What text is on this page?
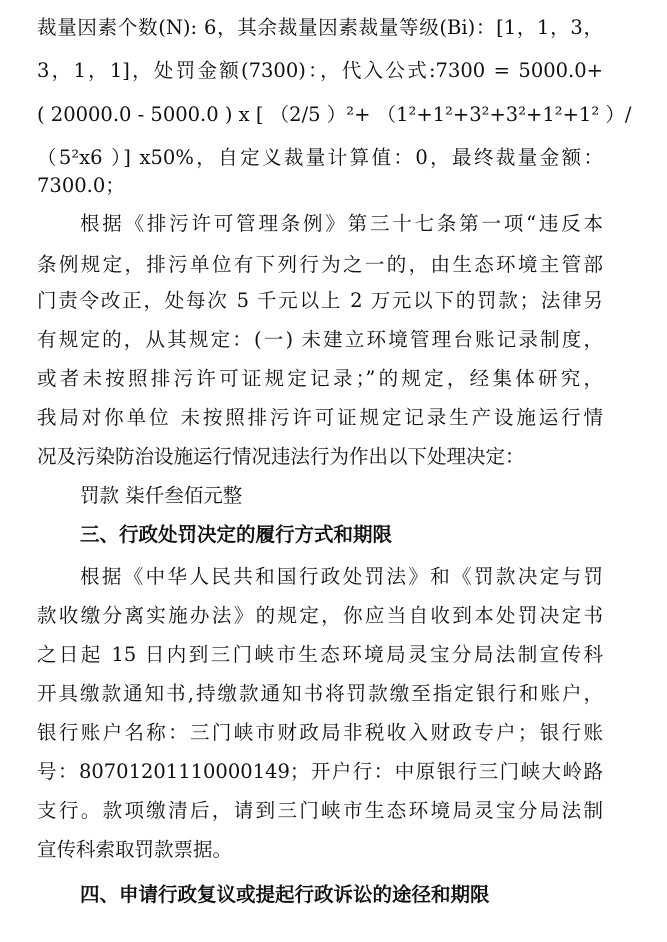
裁量因素个数(N): 6，其余裁量因素裁量等级(Bi)：[1，1，3，

3，1，1]，处罚金额(7300)：，代入公式:7300 = 5000.0+

( 20000.0 - 5000.0 ) x [ （2/5 ）²+ （1²+1²+3²+3²+1²+1² ）/

（5²x6 ）] x50%，自定义裁量计算值：0，最终裁量金额：

7300.0；

根据《排污许可管理条例》第三十七条第一项“违反本

条例规定，排污单位有下列行为之一的，由生态环境主管部

门责令改正，处每次 5 千元以上 2 万元以下的罚款；法律另

有规定的，从其规定：(一) 未建立环境管理台账记录制度，

或者未按照排污许可证规定记录；”的规定，经集体研究，

我局对你单位 未按照排污许可证规定记录生产设施运行情

况及污染防治设施运行情况违法行为作出以下处理决定：

罚款 柒仟叁佰元整

三、行政处罚决定的履行方式和期限

根据《中华人民共和国行政处罚法》和《罚款决定与罚

款收缴分离实施办法》的规定，你应当自收到本处罚决定书

之日起 15 日内到三门峡市生态环境局灵宝分局法制宣传科

开具缴款通知书,持缴款通知书将罚款缴至指定银行和账户，

银行账户名称：三门峡市财政局非税收入财政专户；银行账

号：80701201110000149；开户行：中原银行三门峡大岭路

支行。款项缴清后，请到三门峡市生态环境局灵宝分局法制

宣传科索取罚款票据。

四、申请行政复议或提起行政诉讼的途径和期限
